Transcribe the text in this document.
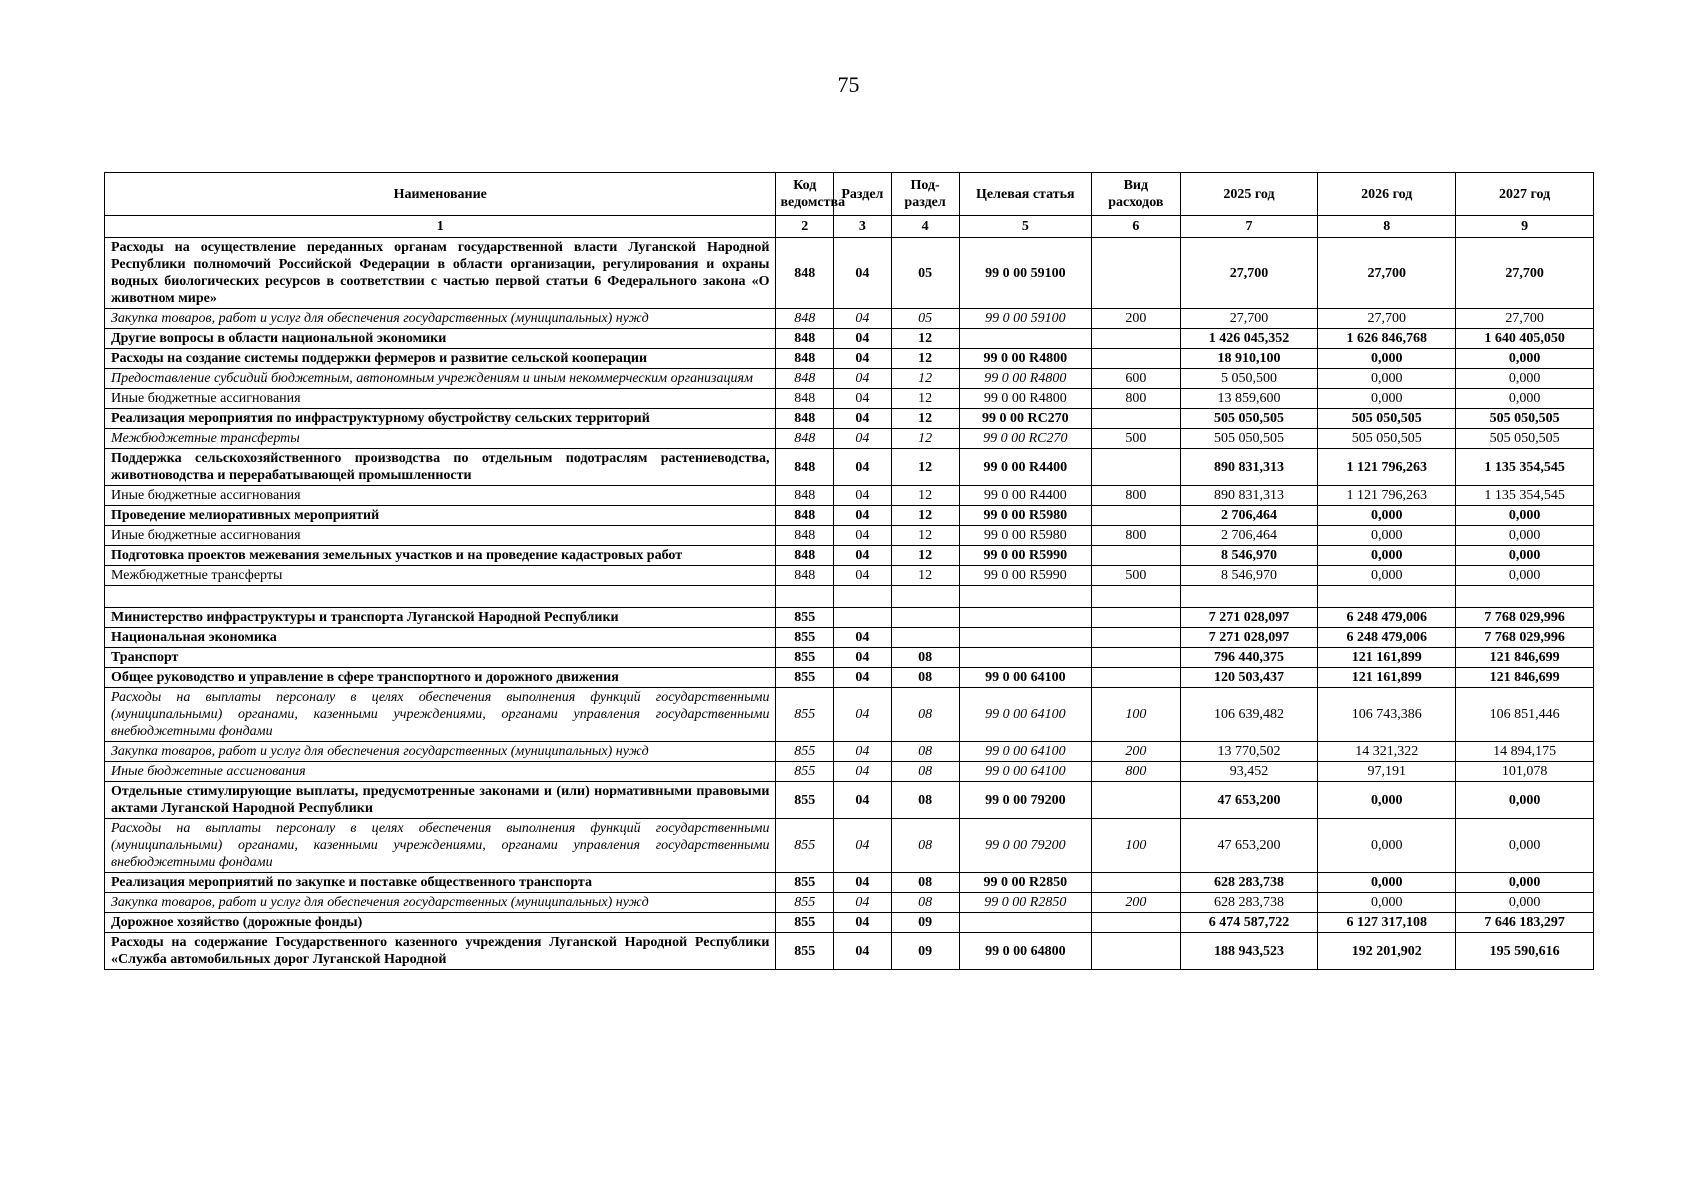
75
Наименование	Код ведомства	Раздел	Под-раздел	Целевая статья	Вид расходов	2025 год	2026 год	2027 год
1	2	3	4	5	6	7	8	9
Расходы на осуществление переданных органам государственной власти Луганской Народной Республики полномочий Российской Федерации в области организации, регулирования и охраны водных биологических ресурсов в соответствии с частью первой статьи 6 Федерального закона «О животном мире»	848	04	05	99 0 00 59100		27,700	27,700	27,700
Закупка товаров, работ и услуг для обеспечения государственных (муниципальных) нужд	848	04	05	99 0 00 59100	200	27,700	27,700	27,700
Другие вопросы в области национальной экономики	848	04	12			1 426 045,352	1 626 846,768	1 640 405,050
Расходы на создание системы поддержки фермеров и развитие сельской кооперации	848	04	12	99 0 00 R4800		18 910,100	0,000	0,000
Предоставление субсидий бюджетным, автономным учреждениям и иным некоммерческим организациям	848	04	12	99 0 00 R4800	600	5 050,500	0,000	0,000
Иные бюджетные ассигнования	848	04	12	99 0 00 R4800	800	13 859,600	0,000	0,000
Реализация мероприятия по инфраструктурному обустройству сельских территорий	848	04	12	99 0 00 RC270		505 050,505	505 050,505	505 050,505
Межбюджетные трансферты	848	04	12	99 0 00 RC270	500	505 050,505	505 050,505	505 050,505
Поддержка сельскохозяйственного производства по отдельным подотраслям растениеводства, животноводства и перерабатывающей промышленности	848	04	12	99 0 00 R4400		890 831,313	1 121 796,263	1 135 354,545
Иные бюджетные ассигнования	848	04	12	99 0 00 R4400	800	890 831,313	1 121 796,263	1 135 354,545
Проведение мелиоративных мероприятий	848	04	12	99 0 00 R5980		2 706,464	0,000	0,000
Иные бюджетные ассигнования	848	04	12	99 0 00 R5980	800	2 706,464	0,000	0,000
Подготовка проектов межевания земельных участков и на проведение кадастровых работ	848	04	12	99 0 00 R5990		8 546,970	0,000	0,000
Межбюджетные трансферты	848	04	12	99 0 00 R5990	500	8 546,970	0,000	0,000

Министерство инфраструктуры и транспорта Луганской Народной Республики	855					7 271 028,097	6 248 479,006	7 768 029,996
Национальная экономика	855	04				7 271 028,097	6 248 479,006	7 768 029,996
Транспорт	855	04	08			796 440,375	121 161,899	121 846,699
Общее руководство и управление в сфере транспортного и дорожного движения	855	04	08	99 0 00 64100		120 503,437	121 161,899	121 846,699
Расходы на выплаты персоналу в целях обеспечения выполнения функций государственными (муниципальными) органами, казенными учреждениями, органами управления государственными внебюджетными фондами	855	04	08	99 0 00 64100	100	106 639,482	106 743,386	106 851,446
Закупка товаров, работ и услуг для обеспечения государственных (муниципальных) нужд	855	04	08	99 0 00 64100	200	13 770,502	14 321,322	14 894,175
Иные бюджетные ассигнования	855	04	08	99 0 00 64100	800	93,452	97,191	101,078
Отдельные стимулирующие выплаты, предусмотренные законами и (или) нормативными правовыми актами Луганской Народной Республики	855	04	08	99 0 00 79200		47 653,200	0,000	0,000
Расходы на выплаты персоналу в целях обеспечения выполнения функций государственными (муниципальными) органами, казенными учреждениями, органами управления государственными внебюджетными фондами	855	04	08	99 0 00 79200	100	47 653,200	0,000	0,000
Реализация мероприятий по закупке и поставке общественного транспорта	855	04	08	99 0 00 R2850		628 283,738	0,000	0,000
Закупка товаров, работ и услуг для обеспечения государственных (муниципальных) нужд	855	04	08	99 0 00 R2850	200	628 283,738	0,000	0,000
Дорожное хозяйство (дорожные фонды)	855	04	09			6 474 587,722	6 127 317,108	7 646 183,297
Расходы на содержание Государственного казенного учреждения Луганской Народной Республики «Служба автомобильных дорог Луганской Народной	855	04	09	99 0 00 64800		188 943,523	192 201,902	195 590,616
